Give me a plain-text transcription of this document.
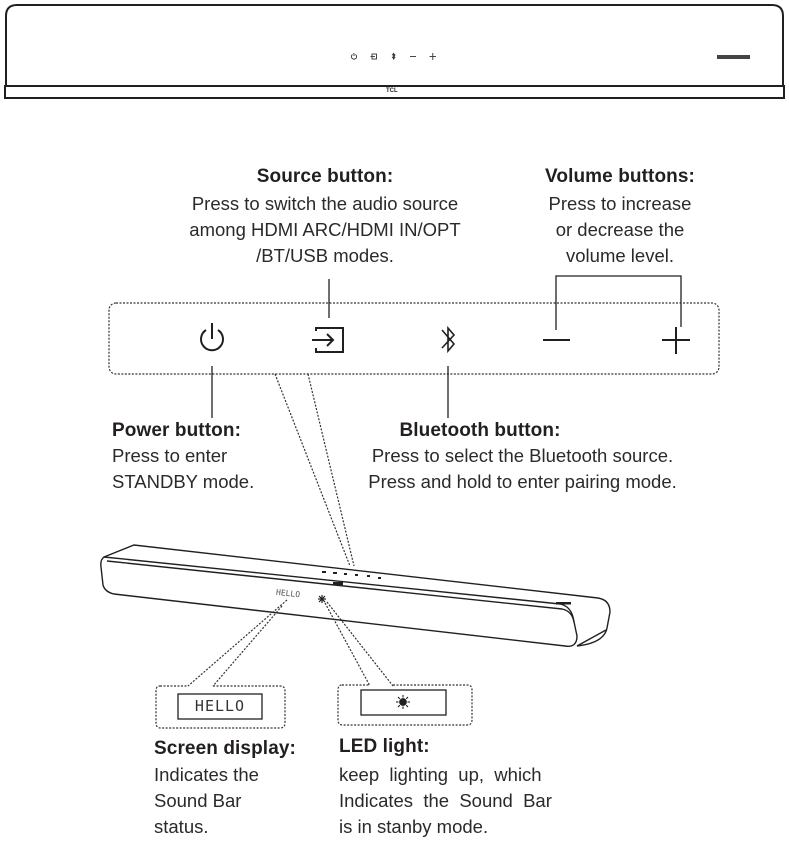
TCL
HELLO
HELLO
Source button:
Press to switch the audio source
among HDMI ARC/HDMI IN/OPT
/BT/USB modes.
Volume buttons:
Press to increase
or decrease the
volume level.
Power button:
Press to enter
STANDBY mode.
Bluetooth button:
Press to select the Bluetooth source.
Press and hold to enter pairing mode.
Screen display:
Indicates the
Sound Bar
status.
LED light:
keep  lighting  up,  which
Indicates  the  Sound  Bar
is in stanby mode.
